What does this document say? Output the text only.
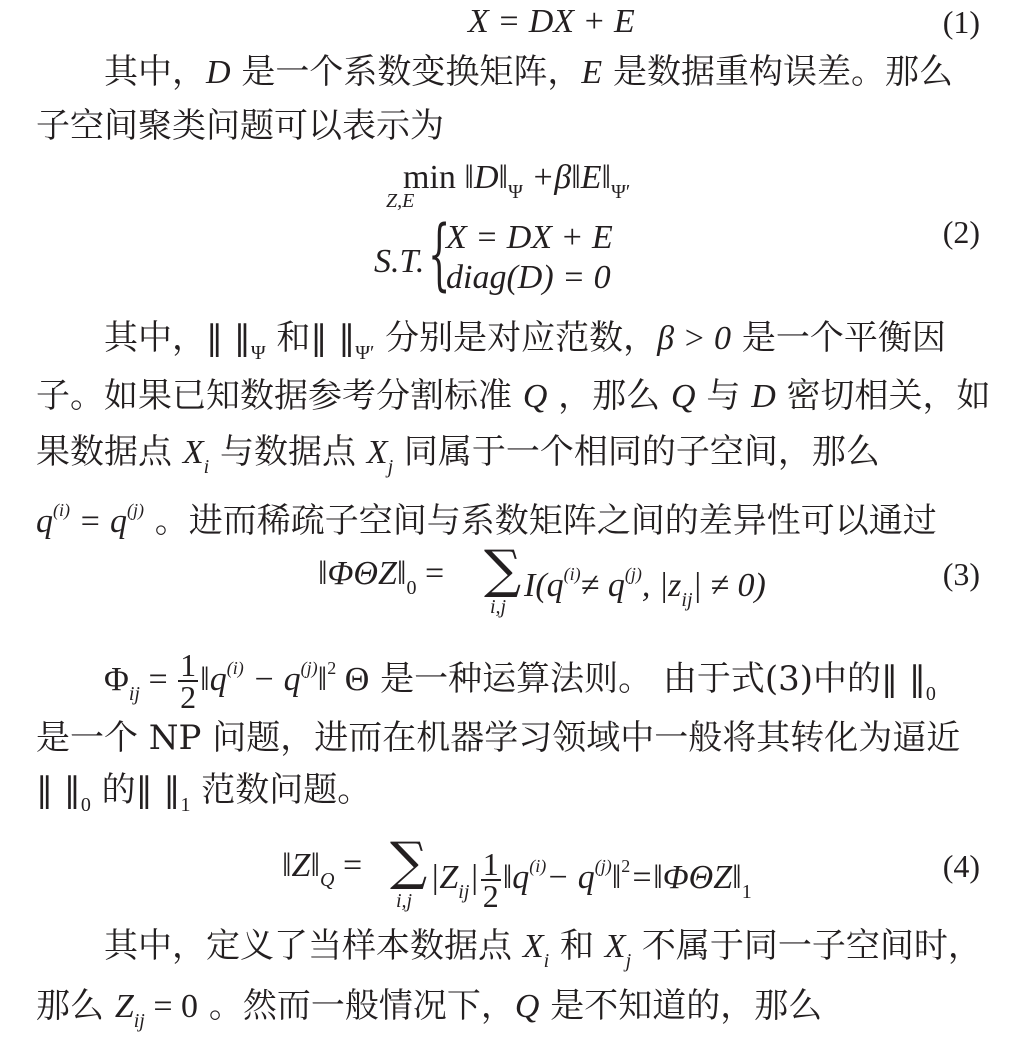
X = DX + E	(1)
其中，D 是一个系数变换矩阵，E 是数据重构误差。那么
子空间聚类问题可以表示为
$\min ‖D‖_\Psi$ $+\beta‖E‖_{\Psi'}$
Z,E
S.T. {
X = DX + E
diag(D) = 0
(2)
其中，‖ $‖_\Psi$ 和‖ $‖_{\Psi'}$ 分别是对应范数，β > 0 是一个平衡因
子。如果已知数据参考分割标准 Q ，那么 Q 与 D 密切相关，如
果数据点 $X_i$ 与数据点 $X_j$ 同属于一个相同的子空间，那么
$q^{(i)} = q^{(j)}$ 。进而稀疏子空间与系数矩阵之间的差异性可以通过
$‖\Phi\Theta Z‖_0$ = ∑
i,j
$I(q^{(i)}\ne q^{(j)}$, $|z_{ij}| \ne 0$)	(3)
$\Phi_{ij} = \frac{1}{2}$ $‖q^{(i)}$ − $q^{(j)}‖^2$ Θ 是一种运算法则。 由于式(3)中的‖ $‖_0$
是一个 NP 问题，进而在机器学习领域中一般将其转化为逼近
‖ $‖_0$ 的‖ $‖_1$ 范数问题。
$‖Z‖_Q$ = ∑
i,j
$|Z_{ij}| \frac{1}{2}$ $‖q^{(i)}-$ $q^{(j)}‖^2=‖\Phi\Theta Z‖_1$
(4)
其中，定义了当样本数据点 $X_i$ 和 $X_j$ 不属于同一子空间时，
那么 $Z_{ij} = 0$ 。然而一般情况下，Q 是不知道的，那么
